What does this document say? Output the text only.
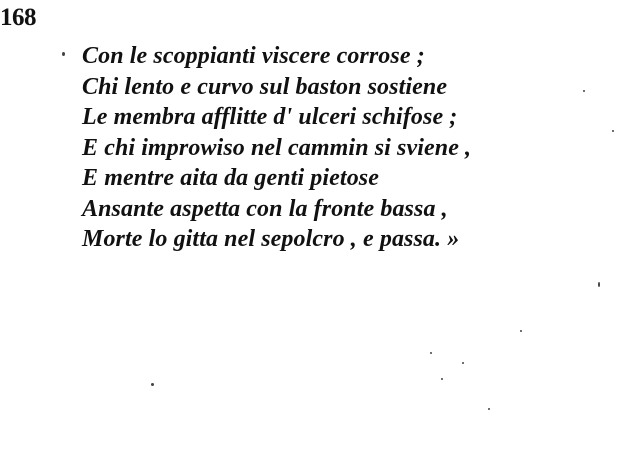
168
Con le scoppianti viscere corrose ;
Chi lento e curvo sul baston sostiene
Le membra afflitte d' ulceri schifose ;
E chi improwiso nel cammin si sviene ,
E mentre aita da genti pietose
Ansante aspetta con la fronte bassa ,
Morte lo gitta nel sepolcro , e passa. »
